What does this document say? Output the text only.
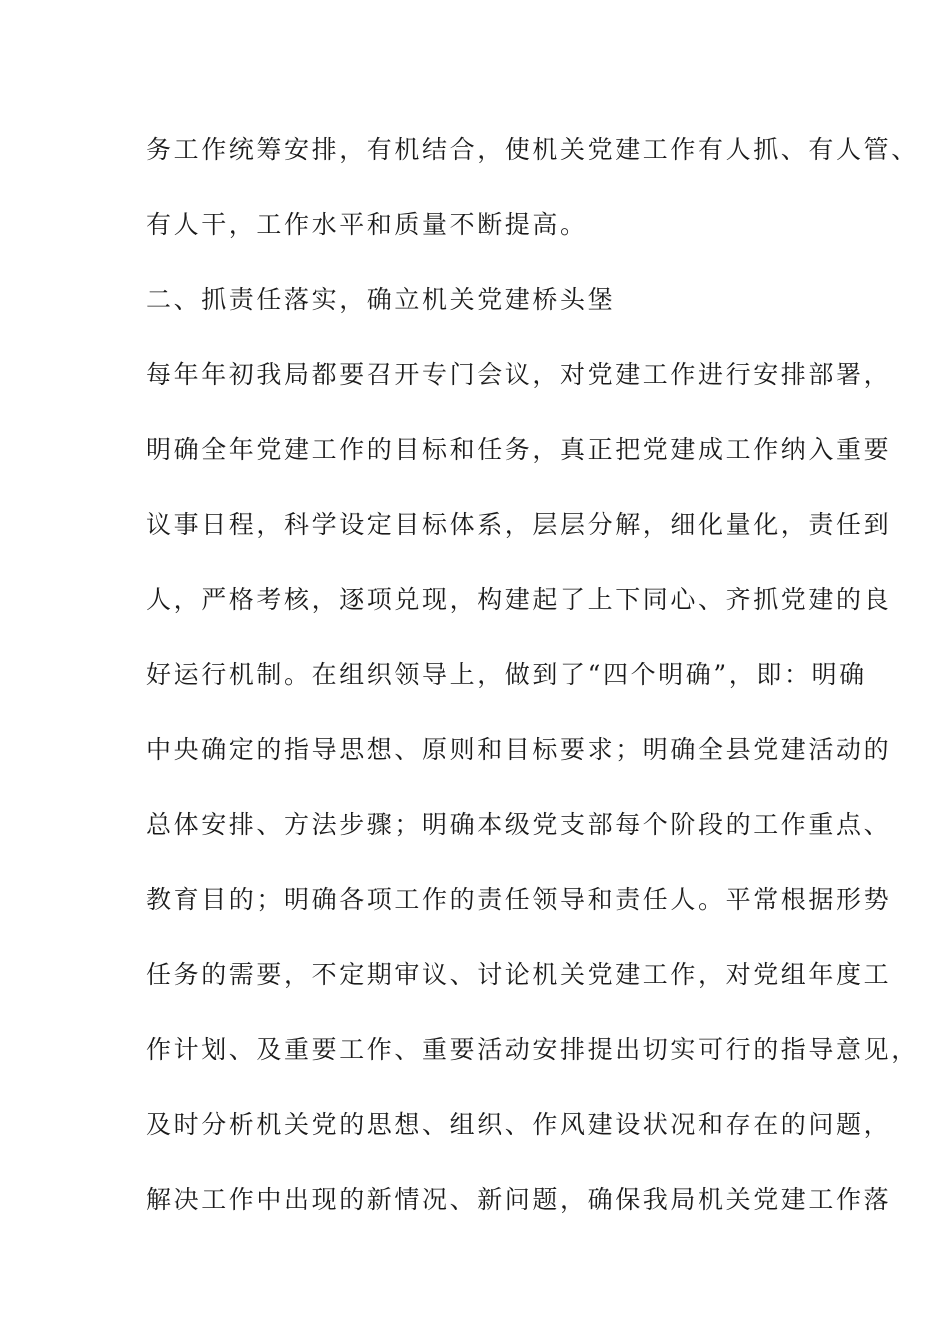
务工作统筹安排，有机结合，使机关党建工作有人抓、有人管、
有人干，工作水平和质量不断提高。
二、抓责任落实，确立机关党建桥头堡
每年年初我局都要召开专门会议，对党建工作进行安排部署，
明确全年党建工作的目标和任务，真正把党建成工作纳入重要
议事日程，科学设定目标体系，层层分解，细化量化，责任到
人，严格考核，逐项兑现，构建起了上下同心、齐抓党建的良
好运行机制。在组织领导上，做到了“四个明确”，即：明确
中央确定的指导思想、原则和目标要求；明确全县党建活动的
总体安排、方法步骤；明确本级党支部每个阶段的工作重点、
教育目的；明确各项工作的责任领导和责任人。平常根据形势
任务的需要，不定期审议、讨论机关党建工作，对党组年度工
作计划、及重要工作、重要活动安排提出切实可行的指导意见，
及时分析机关党的思想、组织、作风建设状况和存在的问题，
解决工作中出现的新情况、新问题，确保我局机关党建工作落
